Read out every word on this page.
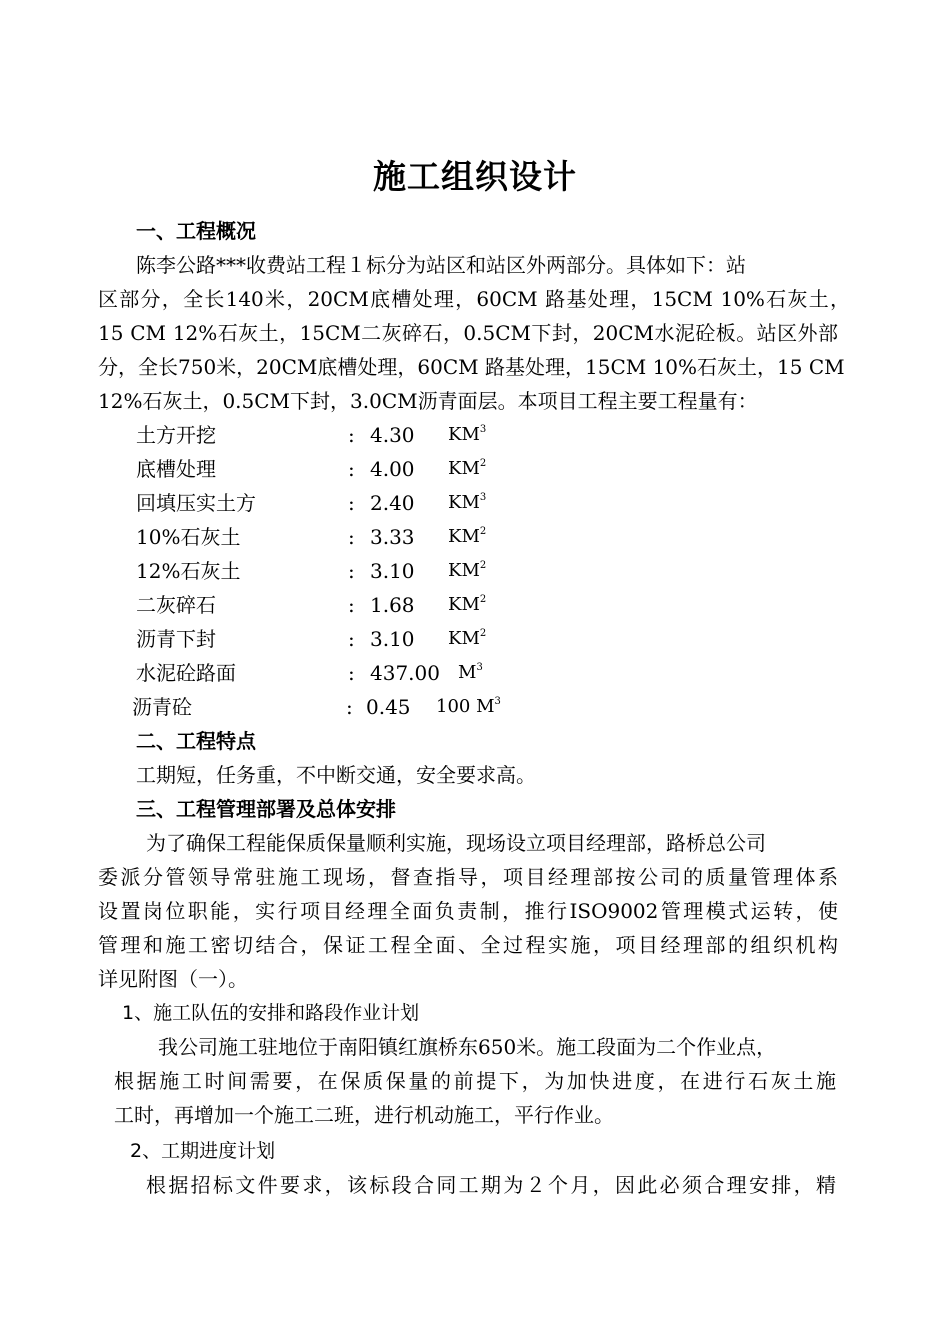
施工组织设计
一、工程概况
陈李公路***收费站工程１标分为站区和站区外两部分。具体如下：站
区部分，全长140米，20CM底槽处理，60CM 路基处理，15CM 10%石灰土，
15 CM 12%石灰土，15CM二灰碎石，0.5CM下封，20CM水泥砼板。站区外部
分，全长750米，20CM底槽处理，60CM 路基处理，15CM 10%石灰土，15 CM
12%石灰土，0.5CM下封，3.0CM沥青面层。本项目工程主要工程量有：
土方开挖	: 4.30 $KM^3$
底槽处理	: 4.00 $KM^2$
回填压实土方	: 2.40 $KM^3$
10%石灰土	: 3.33 $KM^2$
12%石灰土	: 3.10 $KM^2$
二灰碎石	: 1.68 $KM^2$
沥青下封	: 3.10 $KM^2$
水泥砼路面	: 437.00 $M^3$
沥青砼	: 0.45 100 $M^3$
二、工程特点
工期短，任务重，不中断交通，安全要求高。
三、工程管理部署及总体安排
为了确保工程能保质保量顺利实施，现场设立项目经理部，路桥总公司
委派分管领导常驻施工现场，督查指导，项目经理部按公司的质量管理体系
设置岗位职能，实行项目经理全面负责制，推行ISO9002管理模式运转，使
管理和施工密切结合，保证工程全面、全过程实施，项目经理部的组织机构
详见附图（一）。
1、施工队伍的安排和路段作业计划
我公司施工驻地位于南阳镇红旗桥东650米。施工段面为二个作业点，
根据施工时间需要，在保质保量的前提下，为加快进度，在进行石灰土施
工时，再增加一个施工二班，进行机动施工，平行作业。
2、工期进度计划
根据招标文件要求，该标段合同工期为２个月，因此必须合理安排，精
